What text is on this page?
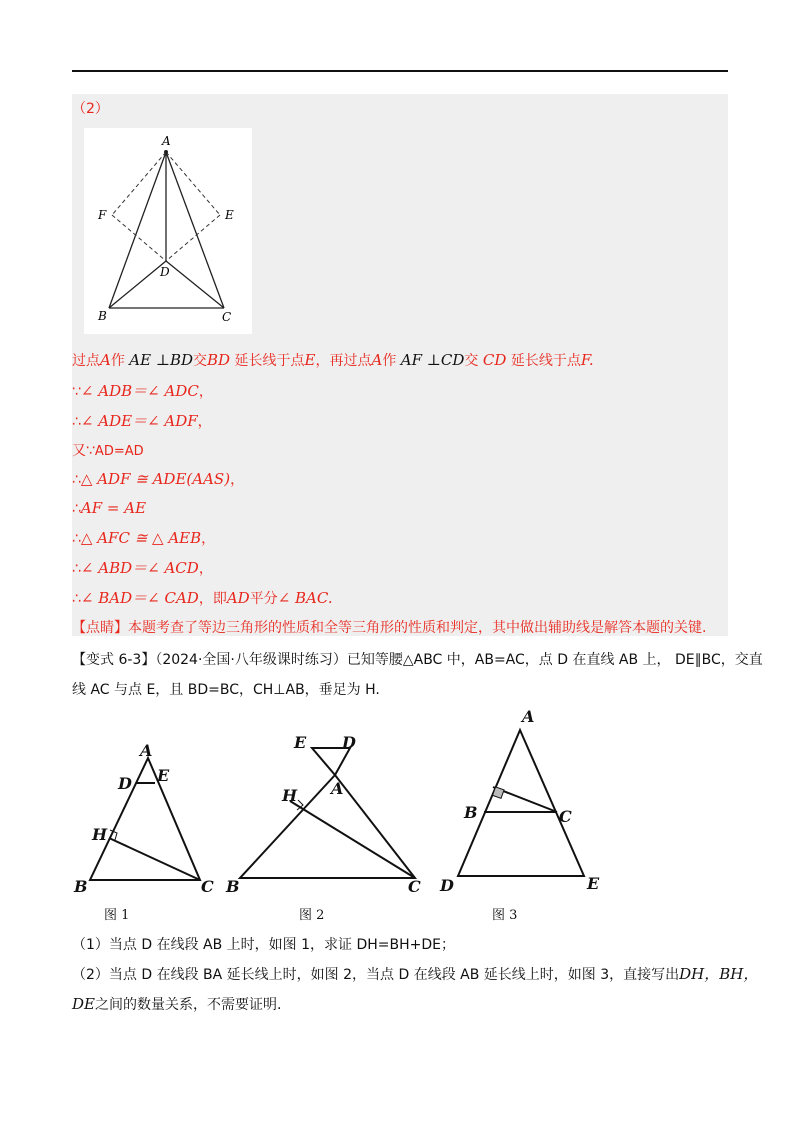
（2）
A
B	C
D
E
F
过点A作 AE ⊥BD交BD 延长线于点E，再过点A作 AF ⊥CD交 CD 延长线于点F.
∵∠ ADB＝∠ ADC，
∴∠ ADE＝∠ ADF，
又∵AD=AD
∴△ ADF ≅ ADE(AAS)，
∴AF = AE
∴△ AFC ≅ △ AEB，
∴∠ ABD＝∠ ACD，
∴∠ BAD＝∠ CAD，即AD平分∠ BAC.
【点睛】本题考查了等边三角形的性质和全等三角形的性质和判定，其中做出辅助线是解答本题的关键.
【变式 6-3】（2024·全国·八年级课时练习）已知等腰△ABC 中，AB=AC，点 D 在直线 AB 上， DE∥BC，交直
线 AC 与点 E，且 BD=BC，CH⊥AB，垂足为 H.
A
D E
H
B	C
E D
A
H
B	C
A
B	C
D	E
图 1	图 2	图 3
（1）当点 D 在线段 AB 上时，如图 1，求证 DH=BH+DE；
（2）当点 D 在线段 BA 延长线上时，如图 2，当点 D 在线段 AB 延长线上时，如图 3，直接写出DH，BH，
DE之间的数量关系，不需要证明.
